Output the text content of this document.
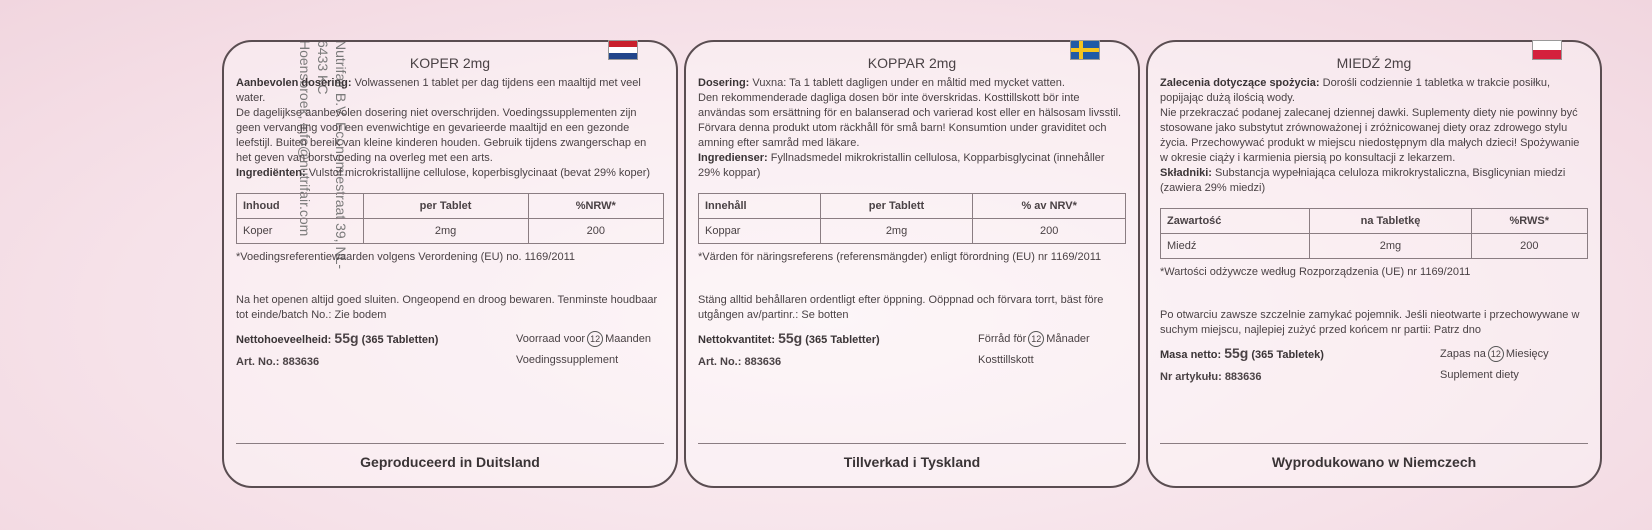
Nutrifair B.V. Economiestraat 39, NL-6433 KC
Hoensbroek, info@nutrifair.com	KOPER 2mg

Aanbevolen dosering: Volwassenen 1 tablet per dag tijdens een maaltijd met veel water.

De dagelijkse aanbevolen dosering niet overschrijden. Voedingssupplementen zijn geen vervanging voor een evenwichtige en gevarieerde maaltijd en een gezonde leefstijl. Buiten bereik van kleine kinderen houden. Gebruik tijdens zwangerschap en het geven van borstvoeding na overleg met een arts.

Ingrediënten: Vulstof microkristallijne cellulose, koperbisglycinaat (bevat 29% koper)

Inhoud	per Tablet	%NRW*
Koper	2mg	200

*Voedingsreferentiewaarden volgens Verordening (EU) no. 1169/2011

Na het openen altijd goed sluiten. Ongeopend en droog bewaren. Tenminste houdbaar tot einde/batch No.: Zie bodem

Nettohoeveelheid: 55g (365 Tabletten)
Art. No.: 883636
Voorraad voor 12 Maanden
Voedingssupplement
Geproduceerd in Duitsland
KOPPAR 2mg

Dosering: Vuxna: Ta 1 tablett dagligen under en måltid med mycket vatten.

Den rekommenderade dagliga dosen bör inte överskridas. Kosttillskott bör inte användas som ersättning för en balanserad och varierad kost eller en hälsosam livsstil. Förvara denna produkt utom räckhåll för små barn! Konsumtion under graviditet och amning efter samråd med läkare.

Ingredienser: Fyllnadsmedel mikrokristallin cellulosa, Kopparbisglycinat (innehåller 29% koppar)

Innehåll	per Tablett	% av NRV*
Koppar	2mg	200

*Värden för näringsreferens (referensmängder) enligt förordning (EU) nr 1169/2011

Stäng alltid behållaren ordentligt efter öppning. Oöppnad och förvara torrt, bäst före utgången av/partinr.: Se botten

Nettokvantitet: 55g (365 Tabletter)
Art. No.: 883636
Förråd för 12 Månader
Kosttillskott
Tillverkad i Tyskland
MIEDŹ 2mg

Zalecenia dotyczące spożycia: Dorośli codziennie 1 tabletka w trakcie posiłku, popijając dużą ilością wody.

Nie przekraczać podanej zalecanej dziennej dawki. Suplementy diety nie powinny być stosowane jako substytut zrównoważonej i zróżnicowanej diety oraz zdrowego stylu życia. Przechowywać produkt w miejscu niedostępnym dla małych dzieci! Spożywanie w okresie ciąży i karmienia piersią po konsultacji z lekarzem.

Składniki: Substancja wypełniająca celuloza mikrokrystaliczna, Bisglicynian miedzi (zawiera 29% miedzi)

Zawartość	na Tabletkę	%RWS*
Miedź	2mg	200

*Wartości odżywcze według Rozporządzenia (UE) nr 1169/2011

Po otwarciu zawsze szczelnie zamykać pojemnik. Jeśli nieotwarte i przechowywane w suchym miejscu, najlepiej zużyć przed końcem nr partii: Patrz dno

Masa netto: 55g (365 Tabletek)
Nr artykułu: 883636
Zapas na 12 Miesięcy
Suplement diety
Wyprodukowano w Niemczech
